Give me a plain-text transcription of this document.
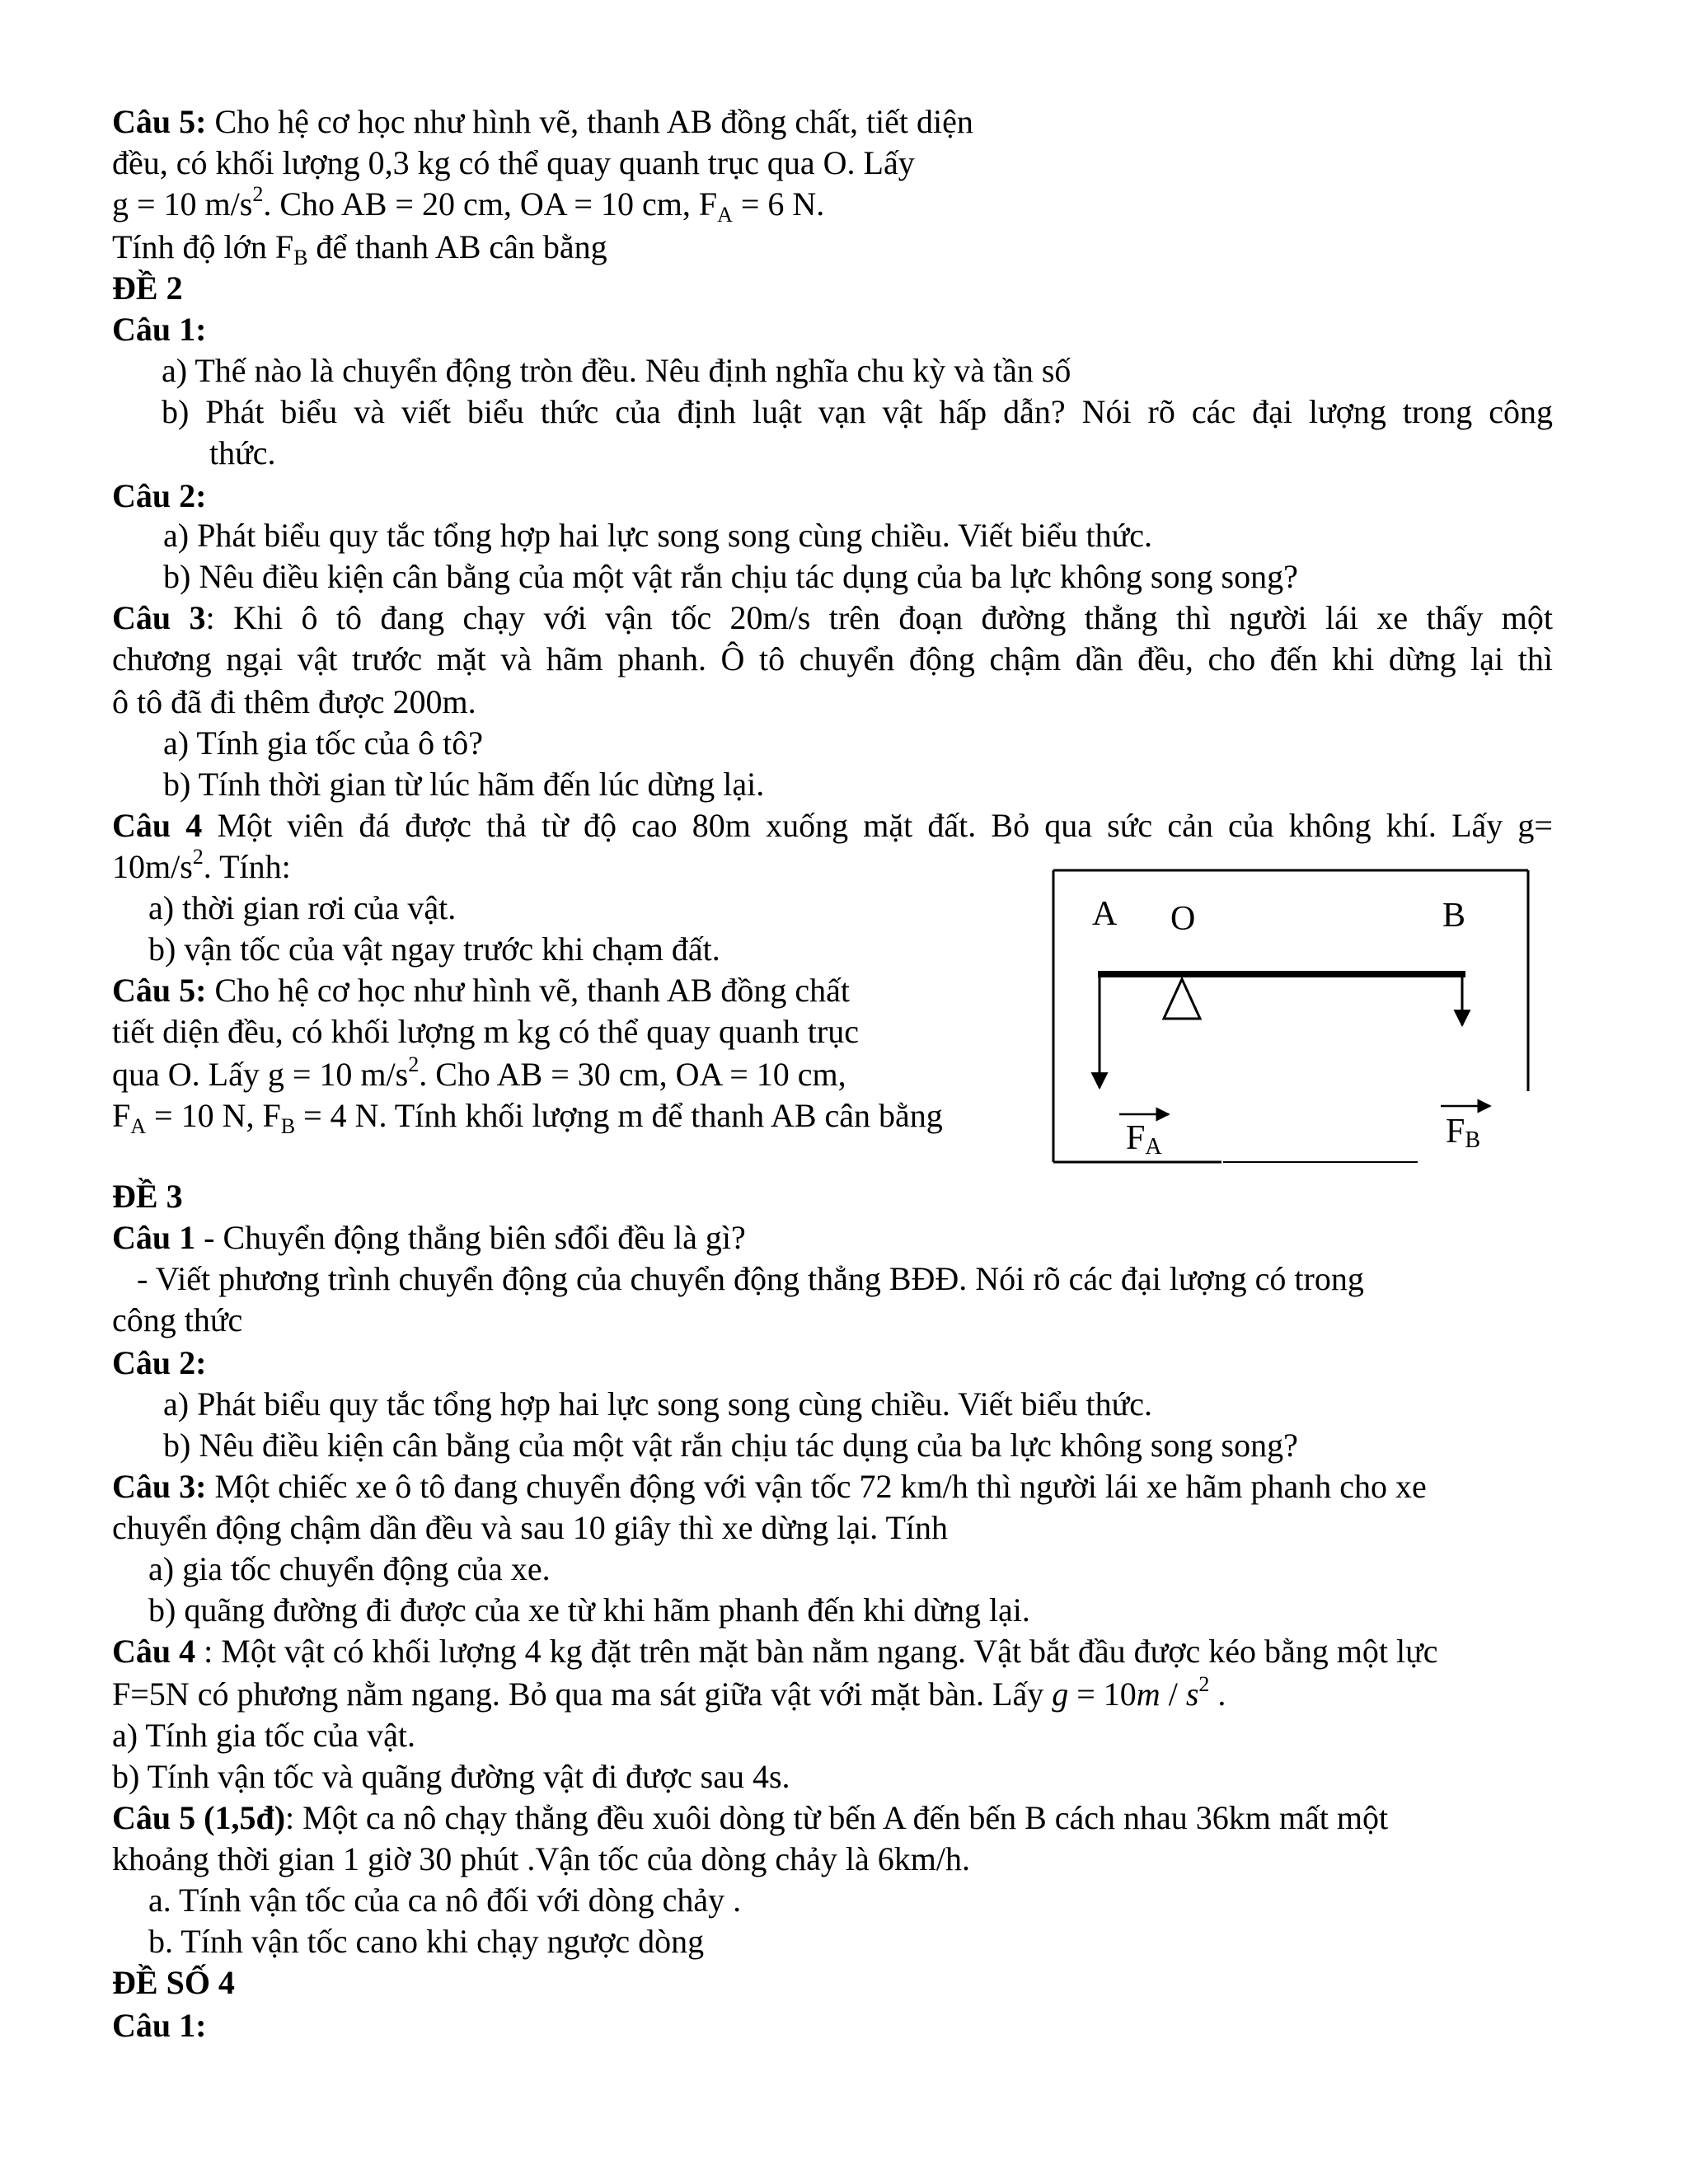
Câu 5: Cho hệ cơ học như hình vẽ, thanh AB đồng chất, tiết diện
đều, có khối lượng 0,3 kg có thể quay quanh trục qua O. Lấy
g = 10 $m/s^2$. Cho AB = 20 cm, OA = 10 cm, $F_A = 6$ N.
Tính độ lớn $F_B$ để thanh AB cân bằng
ĐỀ 2
Câu 1:
a) Thế nào là chuyển động tròn đều. Nêu định nghĩa chu kỳ và tần số
b) Phát biểu và viết biểu thức của định luật vạn vật hấp dẫn? Nói rõ các đại lượng trong công
thức.
Câu 2:
a) Phát biểu quy tắc tổng hợp hai lực song song cùng chiều. Viết biểu thức.
b) Nêu điều kiện cân bằng của một vật rắn chịu tác dụng của ba lực không song song?
Câu 3: Khi ô tô đang chạy với vận tốc 20m/s trên đoạn đường thẳng thì người lái xe thấy một
chương ngại vật trước mặt và hãm phanh. Ô tô chuyển động chậm dần đều, cho đến khi dừng lại thì
ô tô đã đi thêm được 200m.
a) Tính gia tốc của ô tô?
b) Tính thời gian từ lúc hãm đến lúc dừng lại.
Câu 4 Một viên đá được thả từ độ cao 80m xuống mặt đất. Bỏ qua sức cản của không khí. Lấy g=
$10m/s^2$. Tính:
a) thời gian rơi của vật.
b) vận tốc của vật ngay trước khi chạm đất.
Câu 5: Cho hệ cơ học như hình vẽ, thanh AB đồng chất
tiết diện đều, có khối lượng m kg có thể quay quanh trục
qua O. Lấy g = 10 $m/s^2$. Cho AB = 30 cm, OA = 10 cm,
$F_A = 10$ N, $F_B = 4$ N. Tính khối lượng m để thanh AB cân bằng
A O	B
FA	FB
ĐỀ 3
Câu 1 - Chuyển động thẳng biên sđổi đều là gì?
- Viết phương trình chuyển động của chuyển động thẳng BĐĐ. Nói rõ các đại lượng có trong
công thức
Câu 2:
a) Phát biểu quy tắc tổng hợp hai lực song song cùng chiều. Viết biểu thức.
b) Nêu điều kiện cân bằng của một vật rắn chịu tác dụng của ba lực không song song?
Câu 3: Một chiếc xe ô tô đang chuyển động với vận tốc 72 km/h thì người lái xe hãm phanh cho xe
chuyển động chậm dần đều và sau 10 giây thì xe dừng lại. Tính
a) gia tốc chuyển động của xe.
b) quãng đường đi được của xe từ khi hãm phanh đến khi dừng lại.
Câu 4 : Một vật có khối lượng 4 kg đặt trên mặt bàn nằm ngang. Vật bắt đầu được kéo bằng một lực
F=5N có phương nằm ngang. Bỏ qua ma sát giữa vật với mặt bàn. Lấy $g = 10m / s^2$ .
a) Tính gia tốc của vật.
b) Tính vận tốc và quãng đường vật đi được sau 4s.
Câu 5 (1,5đ): Một ca nô chạy thẳng đều xuôi dòng từ bến A đến bến B cách nhau 36km mất một
khoảng thời gian 1 giờ 30 phút .Vận tốc của dòng chảy là 6km/h.
a. Tính vận tốc của ca nô đối với dòng chảy .
b. Tính vận tốc cano khi chạy ngược dòng
ĐỀ SỐ 4
Câu 1:
